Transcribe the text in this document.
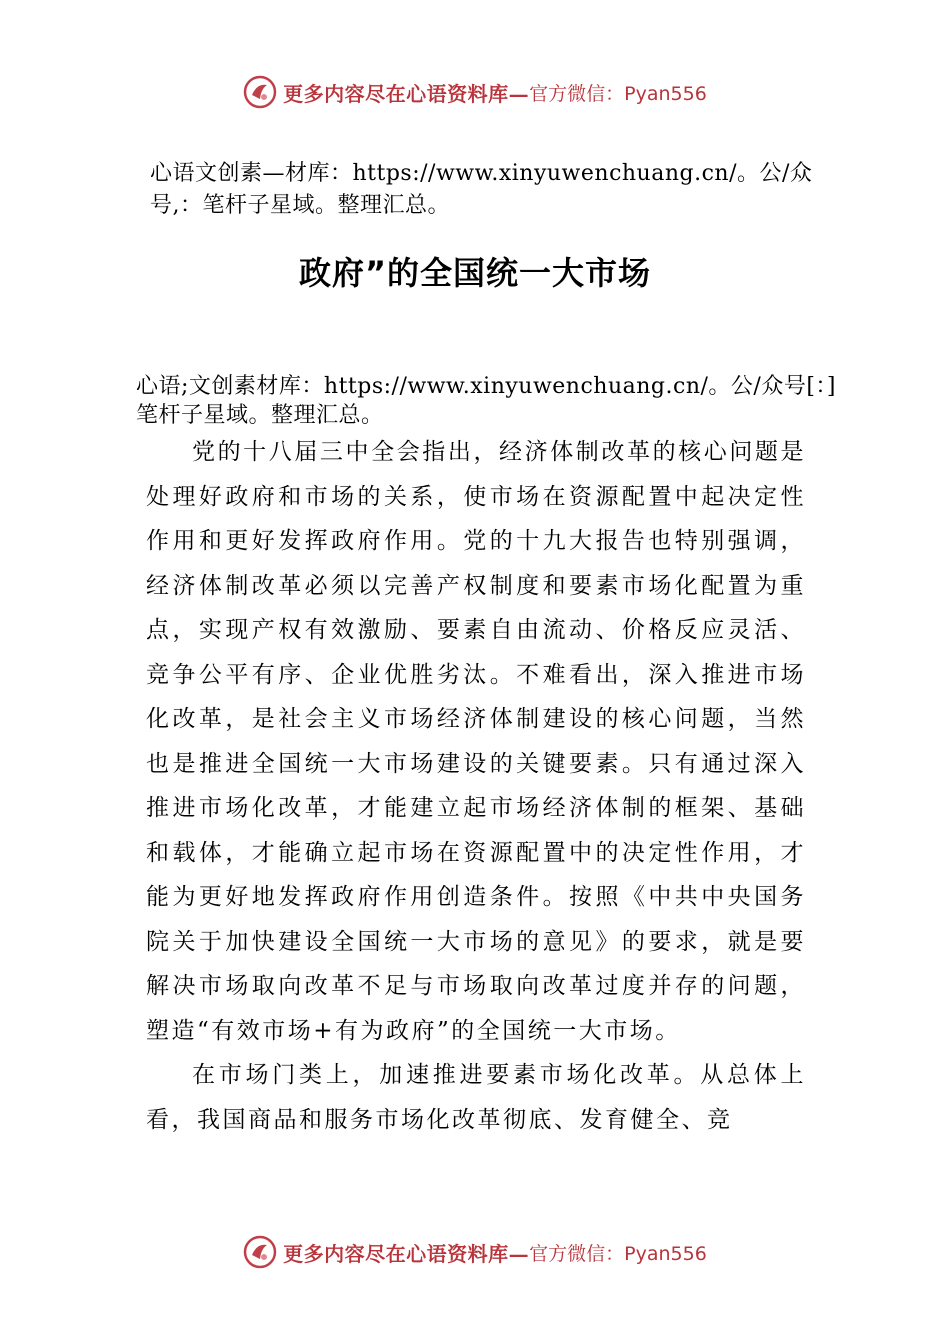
更多内容尽在心语资料库— 官方微信：Pyan556
心语文创素—材库：https://www.xinyuwenchuang.cn/。公/众号,：笔杆子星域。整理汇总。
政府”的全国统一大市场
心语;文创素材库：https://www.xinyuwenchuang.cn/。公/众号[：]笔杆子星域。整理汇总。

党的十八届三中全会指出，经济体制改革的核心问题是处理好政府和市场的关系，使市场在资源配置中起决定性作用和更好发挥政府作用。党的十九大报告也特别强调，经济体制改革必须以完善产权制度和要素市场化配置为重点，实现产权有效激励、要素自由流动、价格反应灵活、竞争公平有序、企业优胜劣汰。不难看出，深入推进市场化改革，是社会主义市场经济体制建设的核心问题，当然也是推进全国统一大市场建设的关键要素。只有通过深入推进市场化改革，才能建立起市场经济体制的框架、基础和载体，才能确立起市场在资源配置中的决定性作用，才能为更好地发挥政府作用创造条件。按照《中共中央国务院关于加快建设全国统一大市场的意见》的要求，就是要解决市场取向改革不足与市场取向改革过度并存的问题，塑造“有效市场+有为政府”的全国统一大市场。

在市场门类上，加速推进要素市场化改革。从总体上看，我国商品和服务市场化改革彻底、发育健全、竞

更多内容尽在心语资料库— 官方微信：Pyan556
